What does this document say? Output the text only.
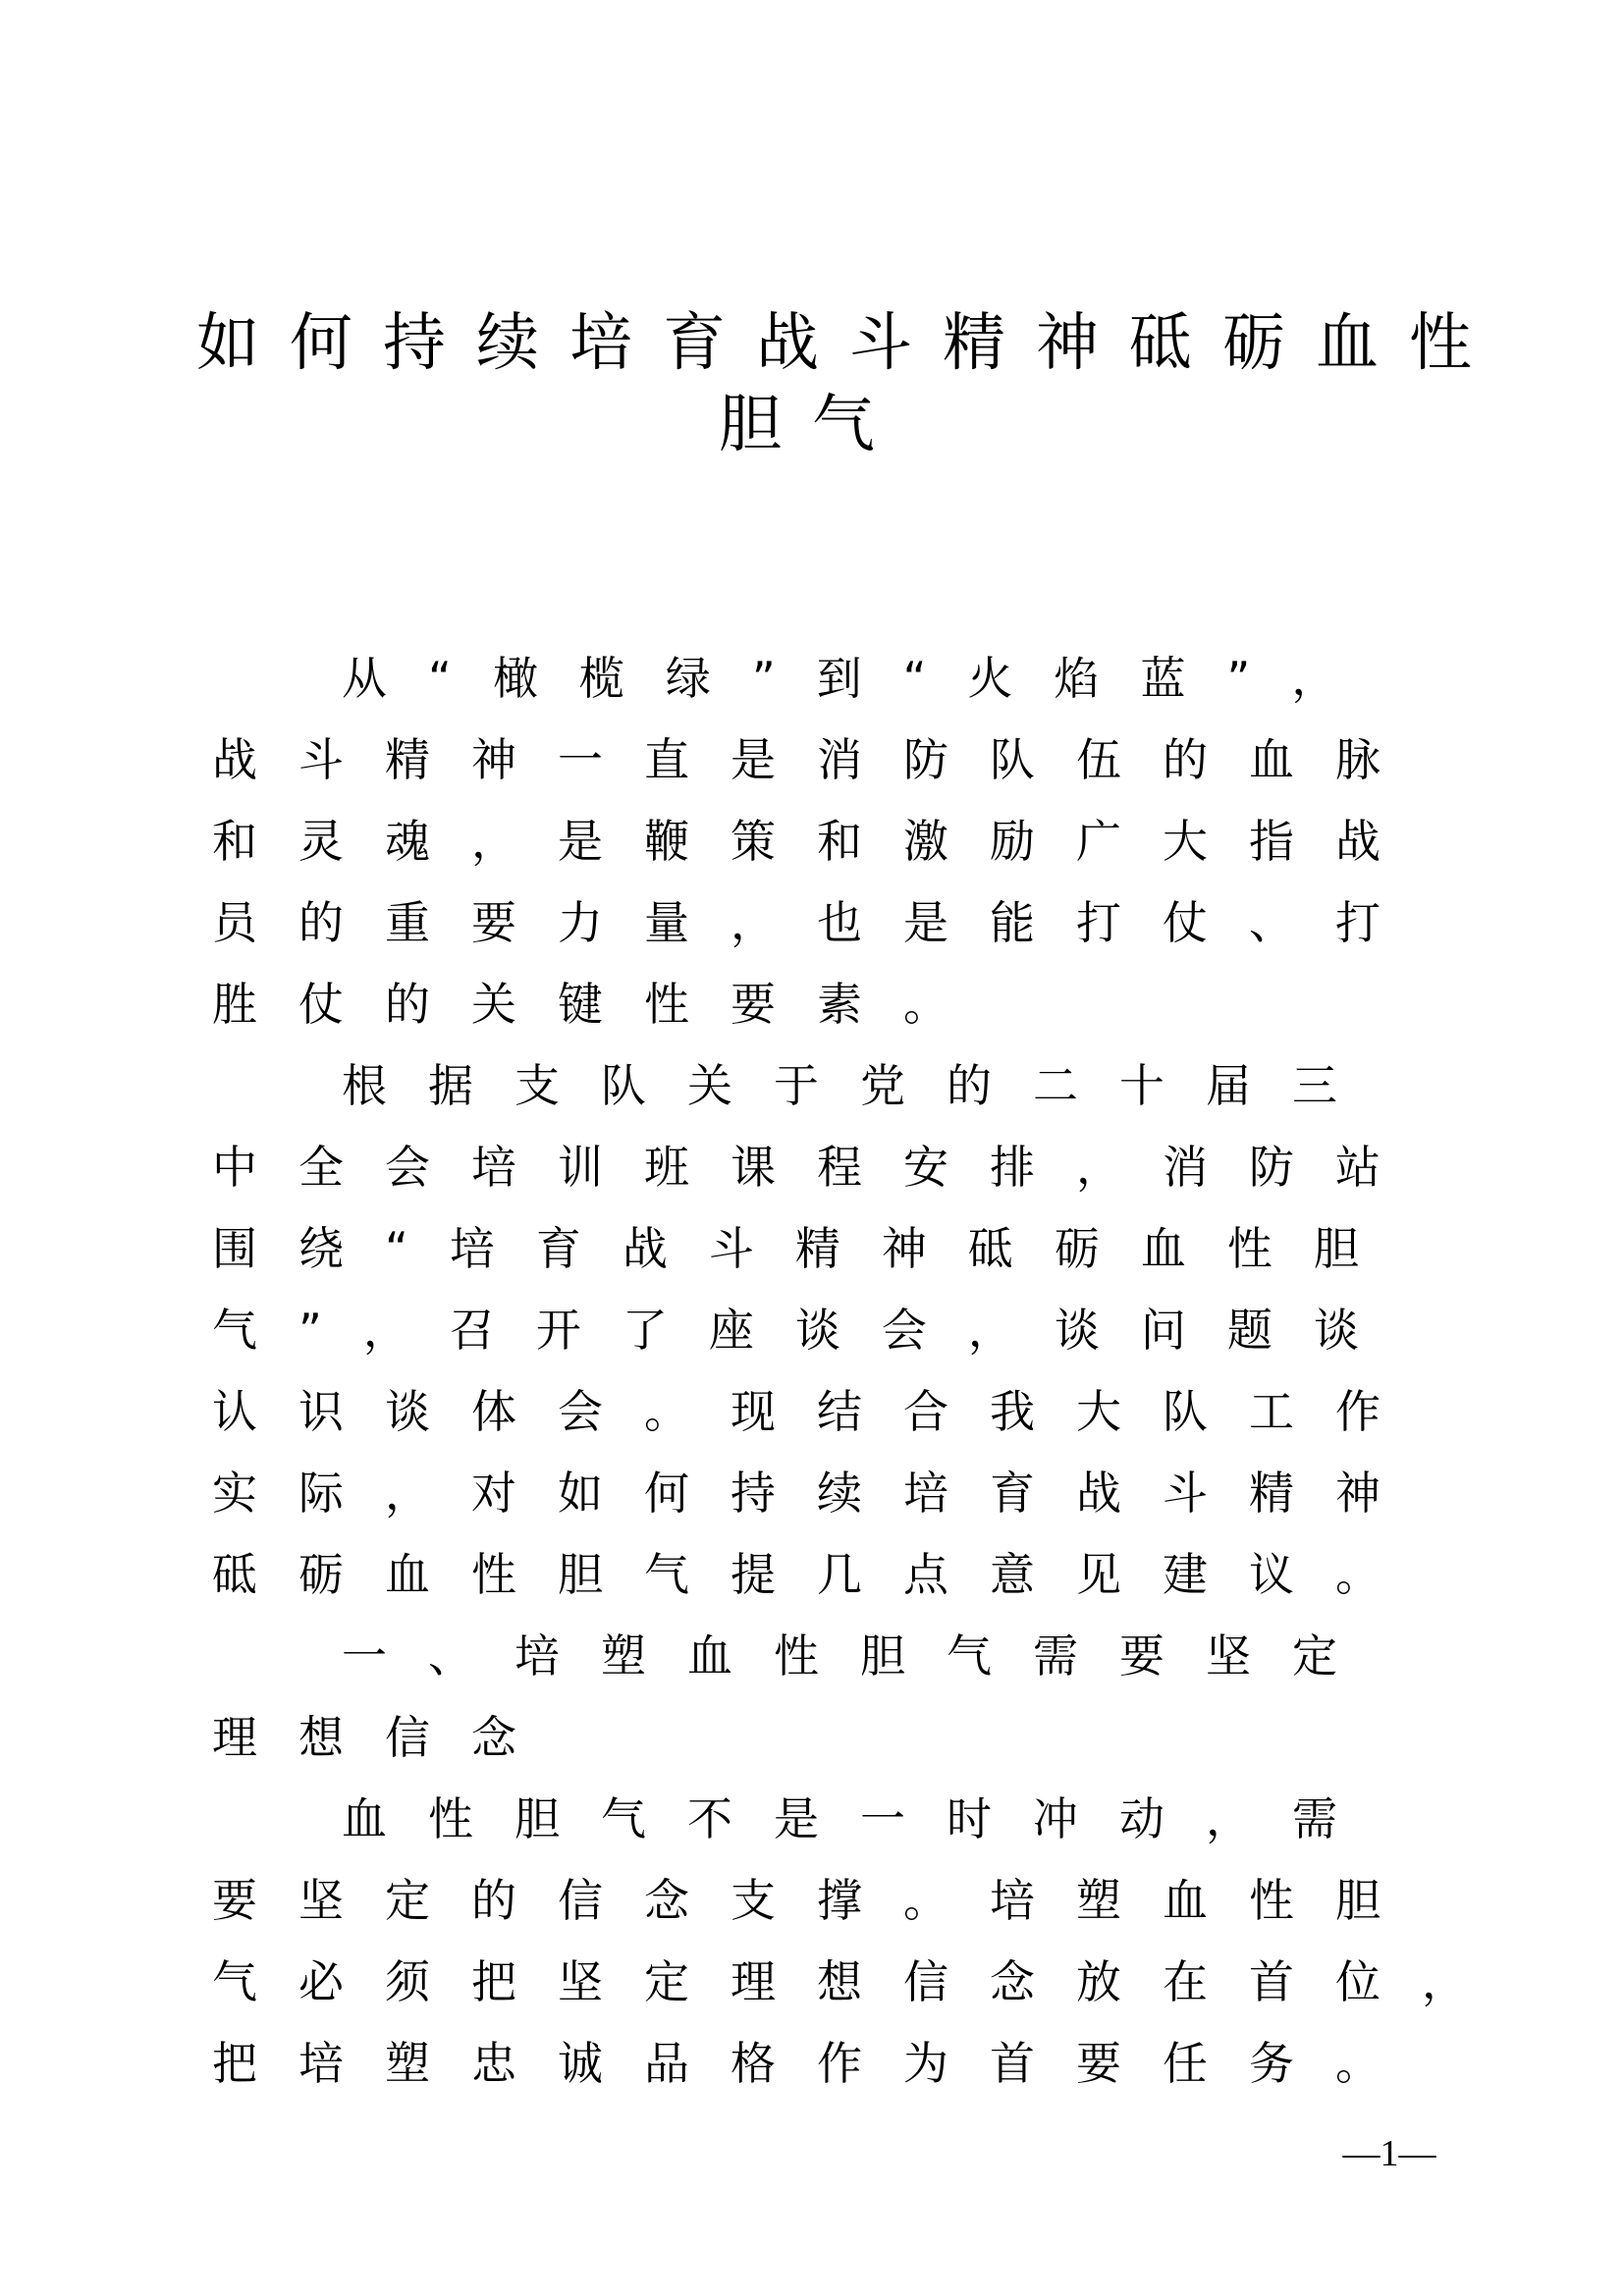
如何持续培育战斗精神砥砺血性
胆气
从“橄榄绿”到“火焰蓝”，
战斗精神一直是消防队伍的血脉
和灵魂，是鞭策和激励广大指战
员的重要力量，也是能打仗、打
胜仗的关键性要素。
根据支队关于党的二十届三
中全会培训班课程安排，消防站
围绕“培育战斗精神砥砺血性胆
气”，召开了座谈会，谈问题谈
认识谈体会。现结合我大队工作
实际，对如何持续培育战斗精神
砥砺血性胆气提几点意见建议。
一、培塑血性胆气需要坚定
理想信念
血性胆气不是一时冲动，需
要坚定的信念支撑。培塑血性胆
气必须把坚定理想信念放在首位，
把培塑忠诚品格作为首要任务。
—1—
